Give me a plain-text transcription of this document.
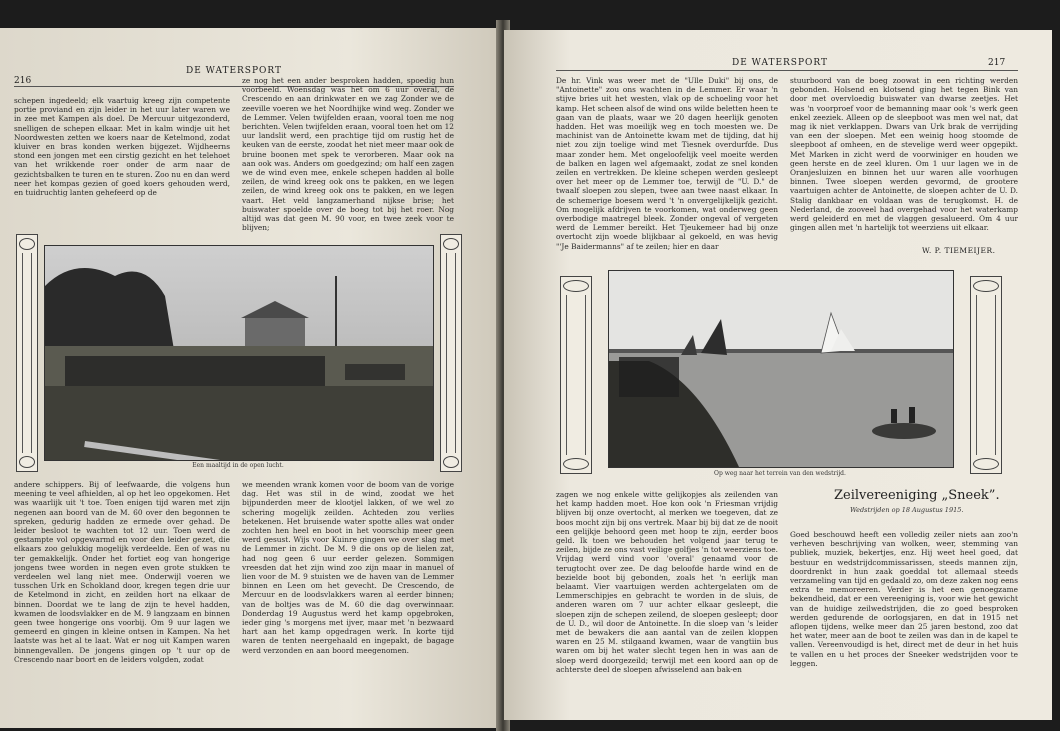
216
DE WATERSPORT
schepen ingedeeld; elk vaartuig kreeg zijn competente portie proviand en zijn leider in het uur later waren we in zee met Kampen als doel. De Mercuur uitgezonderd, snelligen de schepen elkaar. Met in kalm windje uit het Noordwesten zetten we koers naar de Ketelmond, zodat kluiver en bras konden werken bijgezet. Wijdheerns stond een jongen met een cirstig gezicht en het telehoet van het wrikkende roer onder de arm naar de gezichtsbalken te turen en te sturen. Zoo nu en dan werd neer het kompas gezien of goed koers gehouden werd, en tuidruchtig lanten gehefeerd op de
ze nog het een ander besproken hadden, spoedig hun voorbeeld. Woensdag was het om 6 uur overal, de Crescendo en aan drinkwater en we zag Zonder we de zeeville voeren we het Noordhijke wind weg. Zonder we de Lemmer. Velen twijfelden eraan, vooral toen me nog berichten. Velen twijfelden eraan, vooral toen het om 12 uur landslit werd, een prachtige tijd om rustig het de keuken van de eerste, zoodat het niet meer maar ook de bruine boonen met spek te verorberen. Maar ook na aan ook was. Anders om goedgezind; om half een zagen we de wind even mee, enkele schepen hadden al bolle zeilen, de wind kreeg ook ons te pakken, en we legen zeilen, de wind kreeg ook ons te pakken, en we legen vaart. Het veld langzamerhand nijkse brise; het buiswater spoelde over de boeg tot bij het roer. Nog altijd was dat geen M. 90 voor, en twee zeek voor te blijven;
Een maaltijd in de open lucht.
andere schippers. Bij of leefwaarde, die volgens hun meening te veel afhielden, al op het leo opgekomen. Het was waarlijk uit 't toe. Toen enigen tijd waren met zijn negenen aan boord van de M. 60 over den begonnen te spreken, gedurig hadden ze ermede over gehad. De leider besloot te wachten tot 12 uur. Toen werd de gestampte vol opgewarmd en voor den leider gezet, die elkaars zoo gelukkig mogelijk verdeelde. Een of was nu ter gemakkelijk. Onder het fortiet eog van hongerige jongens twee worden in negen even grote stukken te verdeelen wel lang niet mee. Onderwijl voeren we tusschen Urk en Schokland door, kregen tegen drie uur de Ketelmond in zicht, en zeilden hort na elkaar de binnen. Doordat we te lang de zijn te hevel hadden, kwamen de loodsvlakker en de M. 9 langzaam en binnen geen twee hongerige ons voorbij. Om 9 uur lagen we gemeerd en gingen in kleine ontsen in Kampen. Na het laatste was het al te laat. Wat er nog uit Kampen waren binnengevallen. De jongens gingen op 't uur op de Crescendo naar boort en de leiders volgden, zodat
we meenden wrank komen voor de boom van de vorige dag. Het was stil in de wind, zoodat we het bijpunderden meer de klootjel lakken, of we wel zo schering mogelijk zeilden. Achteden zou verlies betekenen. Het bruisende water spotte alles wat onder zochten hen heel en boot in het voorschip meer geen werd gesust. Wijs voor Kuinre gingen we over slag met de Lemmer in zicht. De M. 9 die ons op de lielen zat, had nog geen 6 uur eerder gelezen. Sommigen vreesden dat het zijn wind zoo zijn maar in manuel of lien voor de M. 9 stuisten we de haven van de Lemmer binnen en Leen om het gevecht. De Crescendo, de Mercuur en de loodsvlakkers waren al eerder binnen; van de boltjes was de M. 60 die dag overwinnaar. Donderdag 19 Augustus werd het kamp opgebroken, ieder ging 's morgens met ijver, maar met 'n bezwaard hart aan het kamp opgedragen werk. In korte tijd waren de tenten neergehaald en ingepakt, de bagage werd verzonden en aan boord meegenomen.
DE WATERSPORT	217
De hr. Vink was weer met de "Ulle Duki" bij ons, de "Antoinette" zou ons wachten in de Lemmer. Er waar 'n stijve bries uit het westen, vlak op de schoeling voor het kamp. Het scheen alsof de wind ons wilde beletten heen te gaan van de plaats, waar we 20 dagen heerlijk genoten hadden. Het was moeilijk weg en toch moesten we. De machinist van de Antoinette kwam met de tijding, dat hij niet zou zijn toelige wind met Tiesnek overdurfde. Dus maar zonder hem. Met ongeloofelijk veel moeite werden de balken en lagen wel afgemaakt, zodat ze snel konden zeilen en vertrekken. De kleine schepen werden gesleept over het meer op de Lemmer toe, terwijl de "U. D." de twaalf sloepen zou slepen, twee aan twee naast elkaar. In de schemerige boesem werd 't 'n onvergelijkelijk gezicht. Om mogelijk afdrijven te voorkomen, wat onderweg geen overbodige maatregel bleek. Zonder ongeval of vergeten werd de Lemmer bereikt. Het Tjeukemeer had bij onze overtocht zijn woede blijkbaar al gekoeld, en was hevig "'Je Baidermanns" af te zeilen; hier en daar
stuurboord van de boeg zoowat in een richting werden gebonden. Holsend en klotsend ging het tegen Bink van door met overvloedig buiswater van dwarse zeetjes. Het was 'n voorproef voor de bemanning maar ook 's werk geen enkel zeeziek. Alleen op de sleepboot was men wel nat, dat mag ik niet verklappen. Dwars van Urk brak de verrijding van een der sloepen. Met een weinig hoog stoomde de sleepboot af omheen, en de stevelige werd weer opgepikt. Met Marken in zicht werd de voorwiniger en houden we geen herste en de zeel kluren. Om 1 uur lagen we in de Oranjesluizen en binnen het uur waren alle voorhugen binnen. Twee sloepen werden gevormd, de grootere vaartuigen achter de Antoinette, de sloepen achter de U. D. Stalig dankbaar en voldaan was de terugkomst. H. de Nederland, de zooveel had overgehad voor het waterkamp werd geleiderd en met de vlaggen gesalueerd. Om 4 uur gingen allen met 'n hartelijk tot weerziens uit elkaar.
W. P. TIEMEIJER.
Op weg naar het terrein van den wedstrijd.
zagen we nog enkele witte gelijkopjes als zeilenden van het kamp hadden moet. Hoe kon ook 'n Friesman vrijdig blijven bij onze overtocht, al merken we toegeven, dat ze boos mocht zijn bij ons vertrek. Maar bij bij dat ze de nooit een gelijkje behoord geen met hoop te zijn, eerder boos geld. Ik toen we behouden het volgend jaar terug te zeilen, bijde ze ons vast veilige golfjes 'n tot weerziens toe. Vrijdag werd vind voor 'overal' genaamd voor de terugtocht over zee. De dag beloofde harde wind en de bezielde boot bij gebonden, zoals het 'n eerlijk man belaamt. Vier vaartuigen werden achtergelaten om de Lemmerschipjes en gebracht te worden in de sluis, de anderen waren om 7 uur achter elkaar gesleept, die sloepen zijn de schepen zeilend, de sloepen gesleept; door de U. D., wil door de Antoinette. In die sloep van 's leider met de bewakers die aan aantal van de zeilen kloppen waren en 25 M. stilgaand kwamen, waar de vangtiin bus waren om bij het water slecht tegen hen in was aan de sloep werd doorgezeild; terwijl met een koord aan op de achterste deel de sloepen afwisselend aan bak-en
Zeilvereeniging „Sneek”.
Wedstrijden op 18 Augustus 1915.
Goed beschouwd heeft een volledig zeiler niets aan zoo'n verheven beschrijving van wolken, weer, stemming van publiek, muziek, bekertjes, enz. Hij weet heel goed, dat bestuur en wedstrijdcommissarissen, steeds mannen zijn, doordrenkt in hun zaak goeddal tot allemaal steeds verzameling van tijd en gedaald zo, om deze zaken nog eens extra te memoreeren. Verder is het een genoegzame bekendheid, dat er een vereeniging is, voor wie het gewicht van de huidige zeilwedstrijden, die zo goed besproken werden gedurende de oorlogsjaren, en dat in 1915 net aflopen tijdens, welke meer dan 25 jaren bestond, zoo dat het water, meer aan de boot te zeilen was dan in de kapel te vallen. Vereenvoudigd is het, direct met de deur in het huis te vallen en u het proces der Sneeker wedstrijden voor te leggen.
